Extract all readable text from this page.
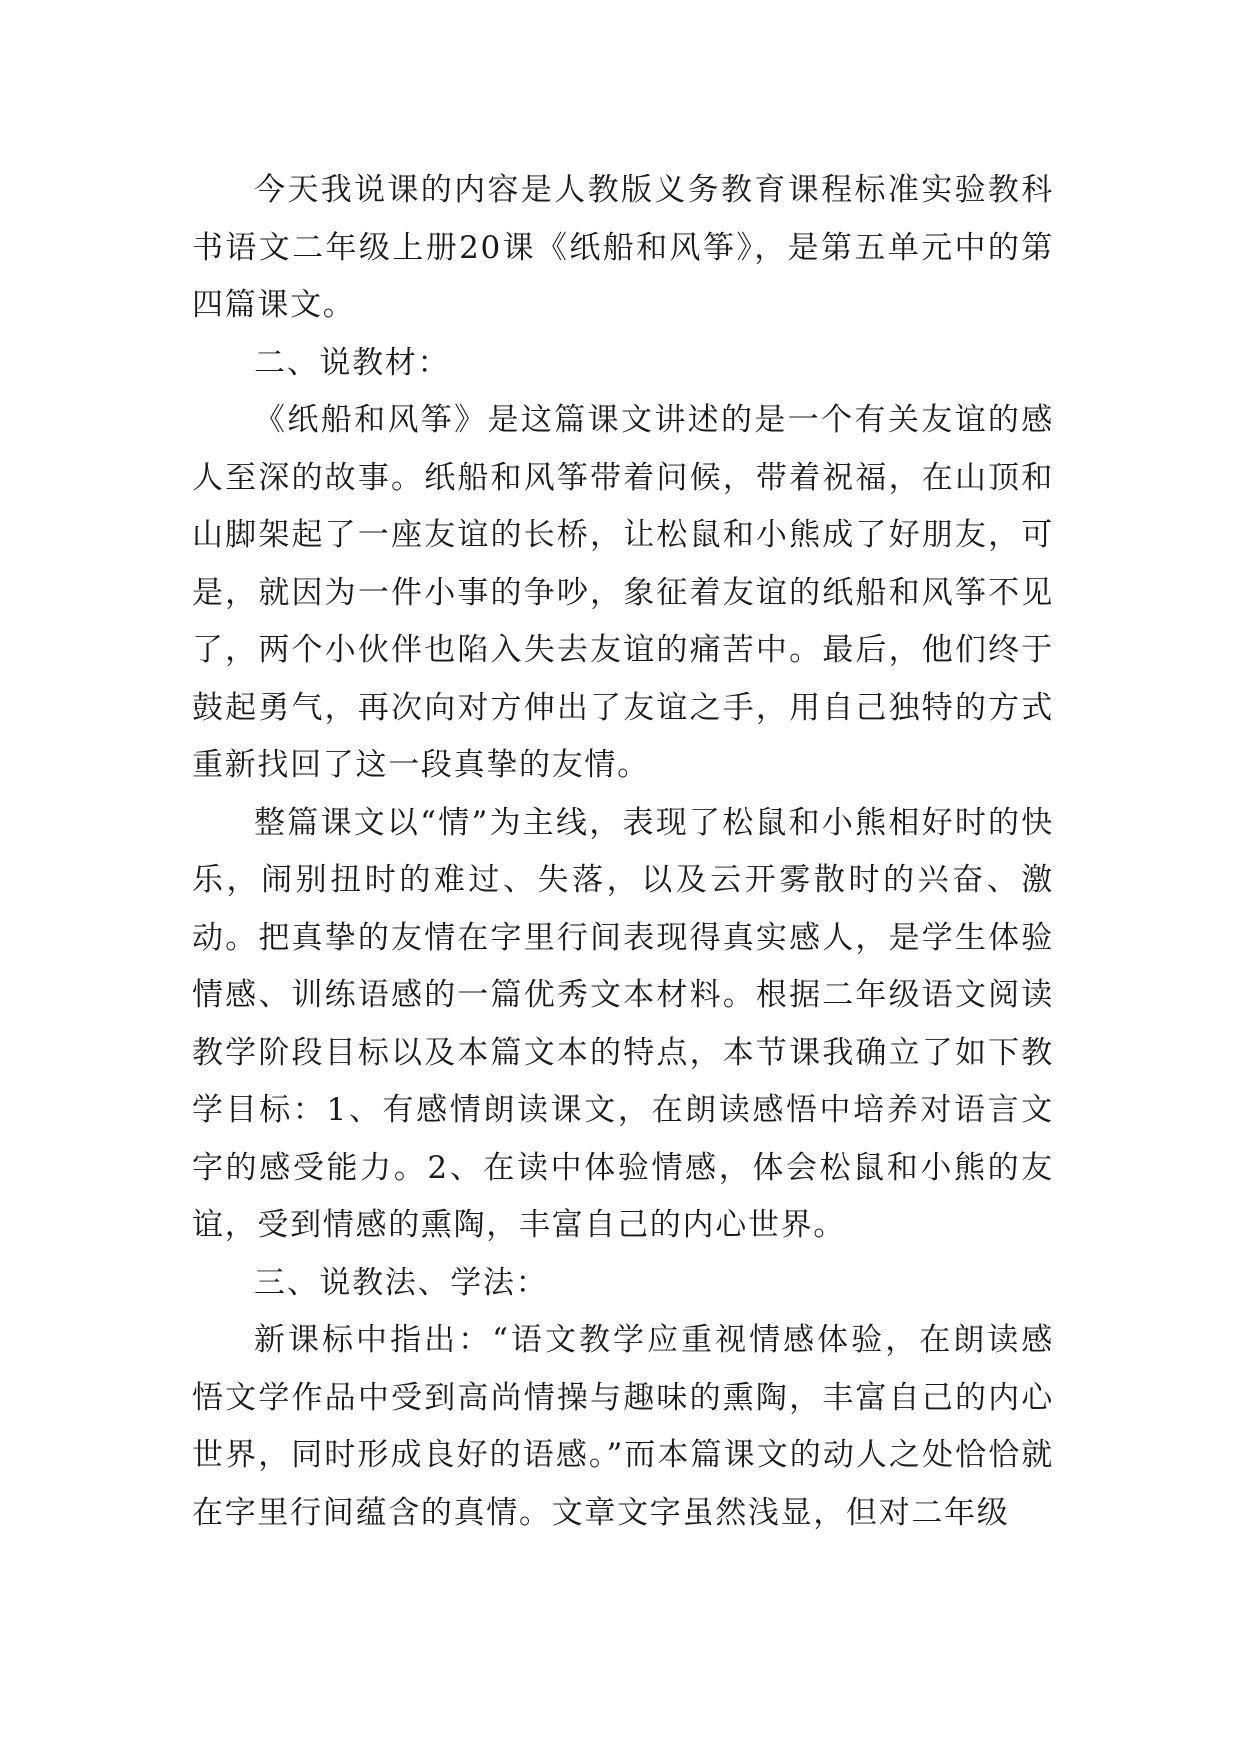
今天我说课的内容是人教版义务教育课程标准实验教科书语文二年级上册20课《纸船和风筝》，是第五单元中的第四篇课文。

二、说教材：

《纸船和风筝》是这篇课文讲述的是一个有关友谊的感人至深的故事。纸船和风筝带着问候，带着祝福，在山顶和山脚架起了一座友谊的长桥，让松鼠和小熊成了好朋友，可是，就因为一件小事的争吵，象征着友谊的纸船和风筝不见了，两个小伙伴也陷入失去友谊的痛苦中。最后，他们终于鼓起勇气，再次向对方伸出了友谊之手，用自己独特的方式重新找回了这一段真挚的友情。

整篇课文以“情”为主线，表现了松鼠和小熊相好时的快乐，闹别扭时的难过、失落，以及云开雾散时的兴奋、激动。把真挚的友情在字里行间表现得真实感人，是学生体验情感、训练语感的一篇优秀文本材料。根据二年级语文阅读教学阶段目标以及本篇文本的特点，本节课我确立了如下教学目标：1、有感情朗读课文，在朗读感悟中培养对语言文字的感受能力。2、在读中体验情感，体会松鼠和小熊的友谊，受到情感的熏陶，丰富自己的内心世界。

三、说教法、学法：

新课标中指出：“语文教学应重视情感体验，在朗读感悟文学作品中受到高尚情操与趣味的熏陶，丰富自己的内心世界，同时形成良好的语感。”而本篇课文的动人之处恰恰就在字里行间蕴含的真情。文章文字虽然浅显，但对二年级
